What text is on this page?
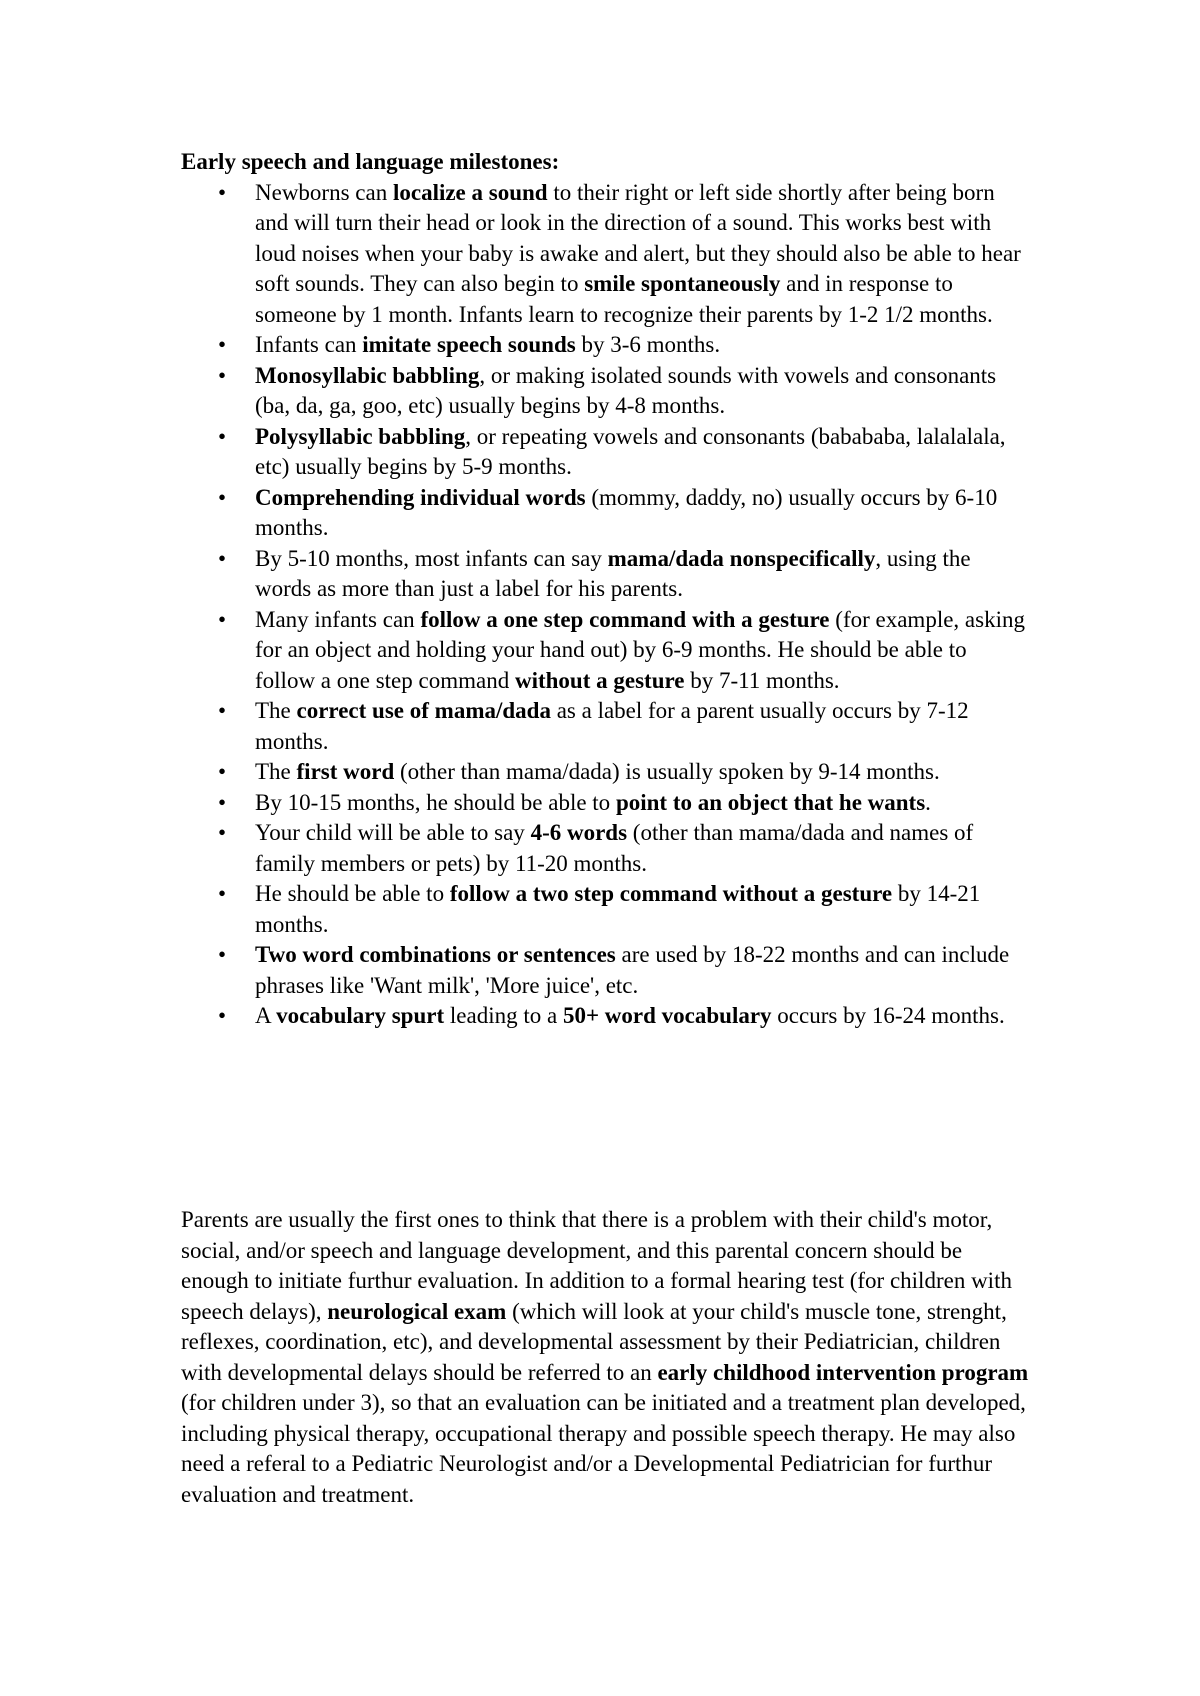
Early speech and language milestones:

•	Newborns can localize a sound to their right or left side shortly after being born and will turn their head or look in the direction of a sound. This works best with loud noises when your baby is awake and alert, but they should also be able to hear soft sounds. They can also begin to smile spontaneously and in response to someone by 1 month. Infants learn to recognize their parents by 1-2 1/2 months.
•	Infants can imitate speech sounds by 3-6 months.
•	Monosyllabic babbling, or making isolated sounds with vowels and consonants (ba, da, ga, goo, etc) usually begins by 4-8 months.
•	Polysyllabic babbling, or repeating vowels and consonants (babababa, lalalalala, etc) usually begins by 5-9 months.
•	Comprehending individual words (mommy, daddy, no) usually occurs by 6-10 months.
•	By 5-10 months, most infants can say mama/dada nonspecifically, using the words as more than just a label for his parents.
•	Many infants can follow a one step command with a gesture (for example, asking for an object and holding your hand out) by 6-9 months. He should be able to follow a one step command without a gesture by 7-11 months.
•	The correct use of mama/dada as a label for a parent usually occurs by 7-12 months.
•	The first word (other than mama/dada) is usually spoken by 9-14 months.
•	By 10-15 months, he should be able to point to an object that he wants.
•	Your child will be able to say 4-6 words (other than mama/dada and names of family members or pets) by 11-20 months.
•	He should be able to follow a two step command without a gesture by 14-21 months.
•	Two word combinations or sentences are used by 18-22 months and can include phrases like 'Want milk', 'More juice', etc.
•	A vocabulary spurt leading to a 50+ word vocabulary occurs by 16-24 months.

Parents are usually the first ones to think that there is a problem with their child's motor, social, and/or speech and language development, and this parental concern should be enough to initiate furthur evaluation. In addition to a formal hearing test (for children with speech delays), neurological exam (which will look at your child's muscle tone, strenght, reflexes, coordination, etc), and developmental assessment by their Pediatrician, children with developmental delays should be referred to an early childhood intervention program (for children under 3), so that an evaluation can be initiated and a treatment plan developed, including physical therapy, occupational therapy and possible speech therapy. He may also need a referal to a Pediatric Neurologist and/or a Developmental Pediatrician for furthur evaluation and treatment.
